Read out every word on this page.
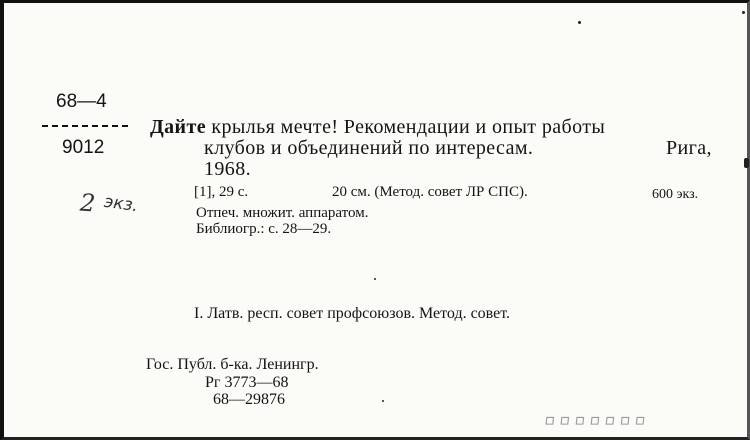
68—4
9012
Дайте крылья мечте! Рекомендации и опыт работы
клубов и объединений по интересам.	Рига,
1968.
[1], 29 с.	20 см. (Метод. совет ЛР СПС).	600 экз.
Отпеч. множит. аппаратом.
Библиогр.: с. 28—29.
2 экз.
I. Латв. респ. совет профсоюзов. Метод. совет.
Гос. Публ. б-ка. Ленингр.
Рг 3773—68
68—29876
▫▫▫▫▫▫▫
